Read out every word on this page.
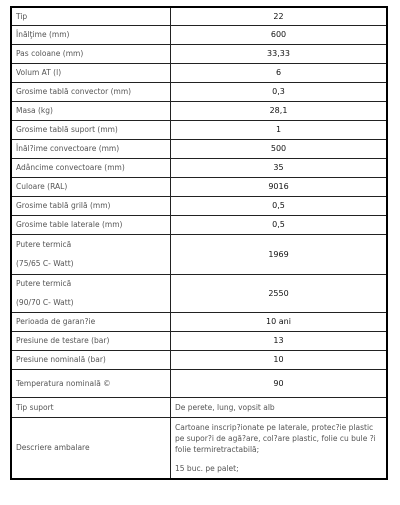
Tip	22
Înălţime (mm)	600
Pas coloane (mm)	33,33
Volum AT (l)	6
Grosime tablă convector (mm)	0,3
Masa (kg)	28,1
Grosime tablă suport (mm)	1
Înăl?ime convectoare (mm)	500
Adâncime convectoare (mm)	35
Culoare (RAL)	9016
Grosime tablă grilă (mm)	0,5
Grosime table laterale (mm)	0,5

Putere termică
(75/65 C- Watt)	1969

Putere termică
(90/70 C- Watt)	2550
Perioada de garan?ie	10 ani
Presiune de testare (bar)	13
Presiune nominală (bar)	10
Temperatura nominală ©	90
Tip suport	De perete, lung, vopsit alb
Descriere ambalare	Cartoane inscrip?ionate pe laterale, protec?ie plastic pe supor?i de agă?are, col?are plastic, folie cu bule ?i folie termiretractabilă;
15 buc. pe palet;
